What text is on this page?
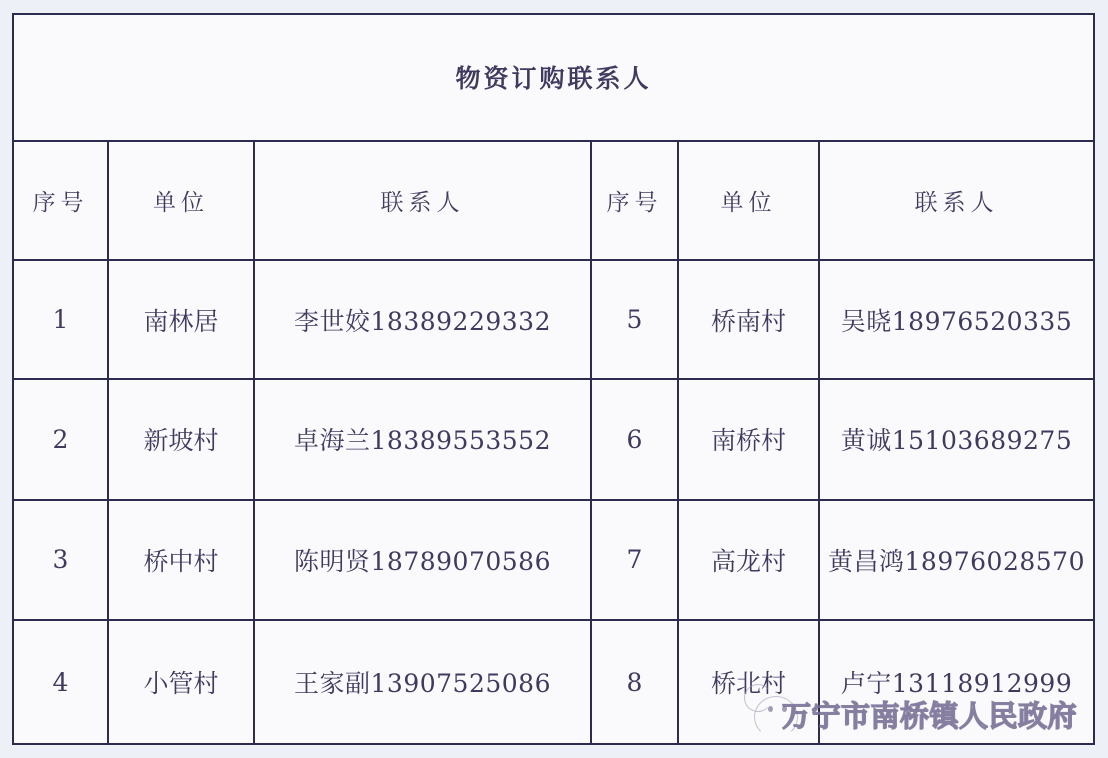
物资订购联系人					
序号	单位	联系人	序号	单位	联系人
1	南林居	李世姣18389229332	5	桥南村	吴晓18976520335
2	新坡村	卓海兰18389553552	6	南桥村	黄诚15103689275
3	桥中村	陈明贤18789070586	7	高龙村	黄昌鸿18976028570
4	小管村	王家副13907525086	8	桥北村	卢宁13118912999
